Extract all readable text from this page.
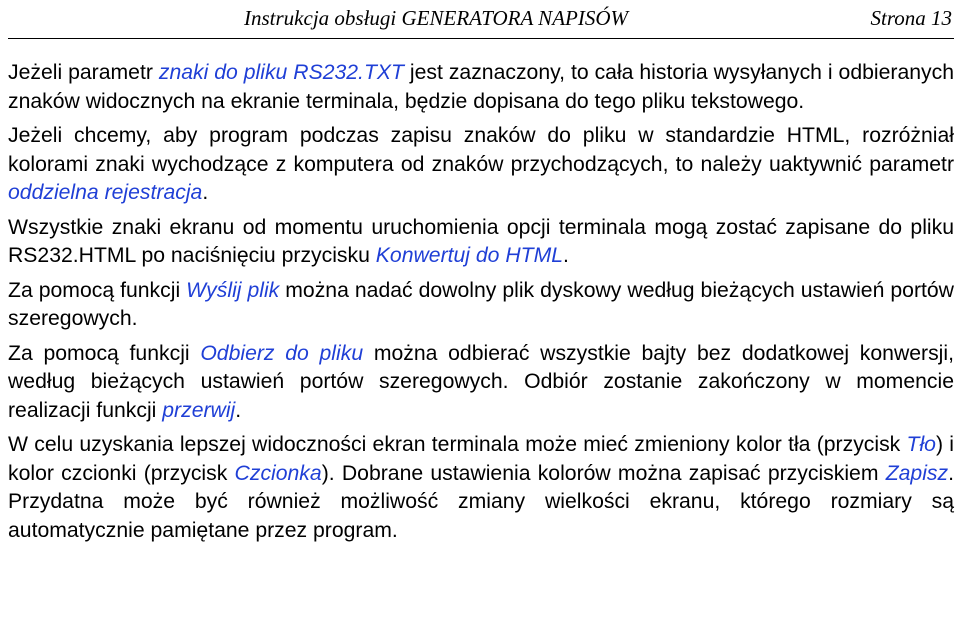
Instrukcja obsługi GENERATORA NAPISÓW	Strona 13

Jeżeli parametr znaki do pliku RS232.TXT jest zaznaczony, to cała historia wysyłanych i odbieranych znaków widocznych na ekranie terminala, będzie dopisana do tego pliku tekstowego.

Jeżeli chcemy, aby program podczas zapisu znaków do pliku w standardzie HTML, rozróżniał kolorami znaki wychodzące z komputera od znaków przychodzących, to należy uaktywnić parametr oddzielna rejestracja.

Wszystkie znaki ekranu od momentu uruchomienia opcji terminala mogą zostać zapisane do pliku RS232.HTML po naciśnięciu przycisku Konwertuj do HTML.

Za pomocą funkcji Wyślij plik można nadać dowolny plik dyskowy według bieżących ustawień portów szeregowych.

Za pomocą funkcji Odbierz do pliku można odbierać wszystkie bajty bez dodatkowej konwersji, według bieżących ustawień portów szeregowych. Odbiór zostanie zakończony w momencie realizacji funkcji przerwij.

W celu uzyskania lepszej widoczności ekran terminala może mieć zmieniony kolor tła (przycisk Tło) i kolor czcionki (przycisk Czcionka). Dobrane ustawienia kolorów można zapisać przyciskiem Zapisz. Przydatna może być również możliwość zmiany wielkości ekranu, którego rozmiary są automatycznie pamiętane przez program.
